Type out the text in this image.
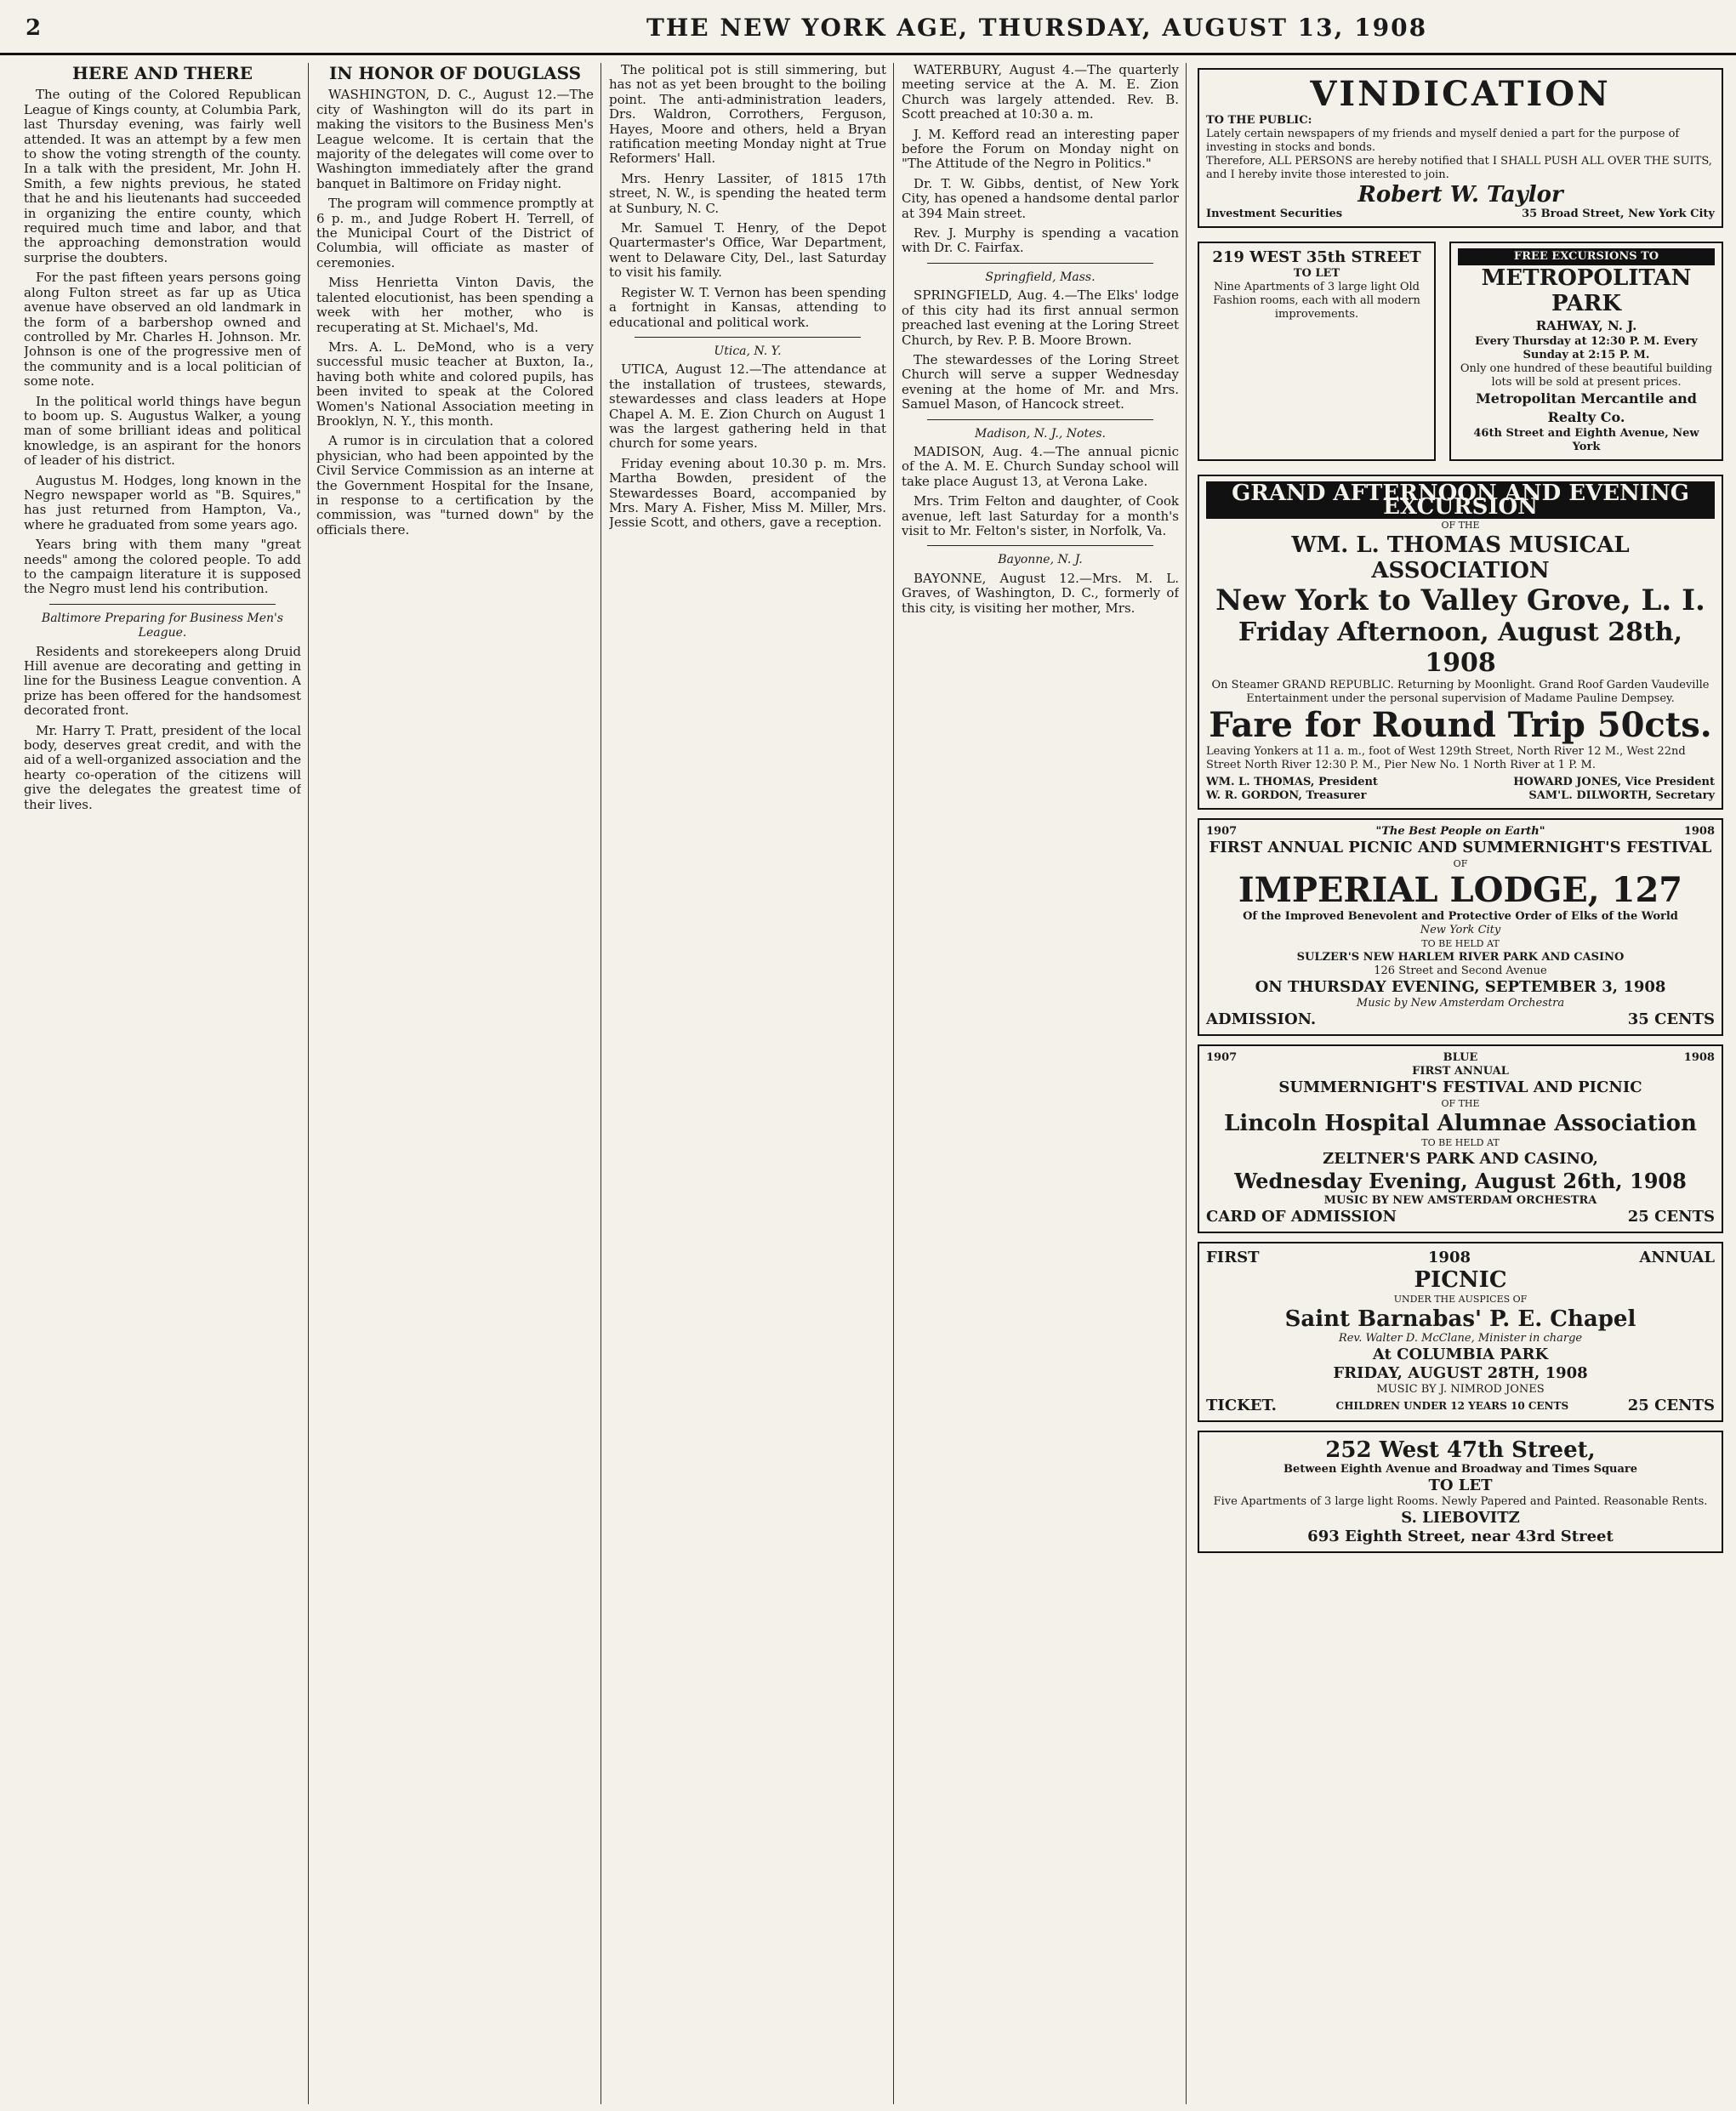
2	THE NEW YORK AGE, THURSDAY, AUGUST 13, 1908
HERE AND THERE

The outing of the Colored Republican League of Kings county, at Columbia Park, last Thursday evening, was fairly well attended. It was an attempt by a few men to show the voting strength of the county. In a talk with the president, Mr. John H. Smith, a few nights previous, he stated that he and his lieutenants had succeeded in organizing the entire county, which required much time and labor, and that the approaching demonstration would surprise the doubters.

For the past fifteen years persons going along Fulton street as far up as Utica avenue have observed an old landmark in the form of a barbershop owned and controlled by Mr. Charles H. Johnson. Mr. Johnson is one of the progressive men of the community and is a local politician of some note.

In the political world things have begun to boom up. S. Augustus Walker, a young man of some brilliant ideas and political knowledge, is an aspirant for the honors of leader of his district.

Augustus M. Hodges, long known in the Negro newspaper world as "B. Squires," has just returned from Hampton, Va., where he graduated from some years ago.

Years bring with them many "great needs" among the colored people. To add to the campaign literature it is supposed the Negro must lend his contribution.

Baltimore Preparing for Business Men's League.

Residents and storekeepers along Druid Hill avenue are decorating and getting in line for the Business League convention. A prize has been offered for the handsomest decorated front.

Mr. Harry T. Pratt, president of the local body, deserves great credit, and with the aid of a well-organized association and the hearty co-operation of the citizens will give the delegates the greatest time of their lives.

IN HONOR OF DOUGLASS

WASHINGTON, D. C., August 12.—The city of Washington will do its part in making the visitors to the Business Men's League welcome. It is certain that the majority of the delegates will come over to Washington immediately after the grand banquet in Baltimore on Friday night.

The program will commence promptly at 6 p. m., and Judge Robert H. Terrell, of the Municipal Court of the District of Columbia, will officiate as master of ceremonies.

Miss Henrietta Vinton Davis, the talented elocutionist, has been spending a week with her mother, who is recuperating at St. Michael's, Md.

Mrs. A. L. DeMond, who is a very successful music teacher at Buxton, Ia., having both white and colored pupils, has been invited to speak at the Colored Women's National Association meeting in Brooklyn, N. Y., this month.

A rumor is in circulation that a colored physician, who had been appointed by the Civil Service Commission as an interne at the Government Hospital for the Insane, in response to a certification by the commission, was "turned down" by the officials there.

The political pot is still simmering, but has not as yet been brought to the boiling point. The anti-administration leaders, Drs. Waldron, Corrothers, Ferguson, Hayes, Moore and others, held a Bryan ratification meeting Monday night at True Reformers' Hall.

Mrs. Henry Lassiter, of 1815 17th street, N. W., is spending the heated term at Sunbury, N. C.

Mr. Samuel T. Henry, of the Depot Quartermaster's Office, War Department, went to Delaware City, Del., last Saturday to visit his family.

Register W. T. Vernon has been spending a fortnight in Kansas, attending to educational and political work.

Utica, N. Y.

UTICA, August 12.—The attendance at the installation of trustees, stewards, stewardesses and class leaders at Hope Chapel A. M. E. Zion Church on August 1 was the largest gathering held in that church for some years.

Friday evening about 10.30 p. m. Mrs. Martha Bowden, president of the Stewardesses Board, accompanied by Mrs. Mary A. Fisher, Miss M. Miller, Mrs. Jessie Scott, and others, gave a reception.

WATERBURY, August 4.—The quarterly meeting service at the A. M. E. Zion Church was largely attended. Rev. B. Scott preached at 10:30 a. m.

J. M. Kefford read an interesting paper before the Forum on Monday night on "The Attitude of the Negro in Politics."

Dr. T. W. Gibbs, dentist, of New York City, has opened a handsome dental parlor at 394 Main street.

Rev. J. Murphy is spending a vacation with Dr. C. Fairfax.

Springfield, Mass.

SPRINGFIELD, Aug. 4.—The Elks' lodge of this city had its first annual sermon preached last evening at the Loring Street Church, by Rev. P. B. Moore Brown.

The stewardesses of the Loring Street Church will serve a supper Wednesday evening at the home of Mr. and Mrs. Samuel Mason, of Hancock street.

Madison, N. J., Notes.

MADISON, Aug. 4.—The annual picnic of the A. M. E. Church Sunday school will take place August 13, at Verona Lake.

Mrs. Trim Felton and daughter, of Cook avenue, left last Saturday for a month's visit to Mr. Felton's sister, in Norfolk, Va.

Bayonne, N. J.

BAYONNE, August 12.—Mrs. M. L. Graves, of Washington, D. C., formerly of this city, is visiting her mother, Mrs.

VINDICATION
TO THE PUBLIC:
Lately certain newspapers of my friends and myself denied a part for the purpose of investing in stocks and bonds.
Therefore, ALL PERSONS are hereby notified that I SHALL PUSH ALL OVER THE SUITS, and I hereby invite those interested to join.
Robert W. Taylor
Investment Securities	35 Broad Street, New York City
219 WEST 35th STREET
TO LET
Nine Apartments of 3 large light Old Fashion rooms, each with all modern improvements.
FREE EXCURSIONS TO
METROPOLITAN PARK
RAHWAY, N. J.
Every Thursday at 12:30 P. M. Every Sunday at 2:15 P. M.
Only one hundred of these beautiful building lots will be sold at present prices.
Metropolitan Mercantile and Realty Co.
46th Street and Eighth Avenue, New York
GRAND AFTERNOON AND EVENING EXCURSION
OF THE
WM. L. THOMAS MUSICAL ASSOCIATION
New York to Valley Grove, L. I.
Friday Afternoon, August 28th, 1908
On Steamer GRAND REPUBLIC. Returning by Moonlight. Grand Roof Garden Vaudeville Entertainment under the personal supervision of Madame Pauline Dempsey.
Fare for Round Trip 50cts.
Leaving Yonkers at 11 a. m., foot of West 129th Street, North River 12 M., West 22nd Street North River 12:30 P. M., Pier New No. 1 North River at 1 P. M.
WM. L. THOMAS, President	HOWARD JONES, Vice President
W. R. GORDON, Treasurer	SAM'L. DILWORTH, Secretary
1907	"The Best People on Earth"	1908
FIRST ANNUAL PICNIC AND SUMMERNIGHT'S FESTIVAL
OF
IMPERIAL LODGE, 127
Of the Improved Benevolent and Protective Order of Elks of the World
New York City
TO BE HELD AT
SULZER'S NEW HARLEM RIVER PARK AND CASINO
126 Street and Second Avenue
ON THURSDAY EVENING, SEPTEMBER 3, 1908
Music by New Amsterdam Orchestra
ADMISSION.	35 CENTS
1907	BLUE	1908
FIRST ANNUAL
SUMMERNIGHT'S FESTIVAL AND PICNIC
OF THE
Lincoln Hospital Alumnae Association
TO BE HELD AT
ZELTNER'S PARK AND CASINO,
Wednesday Evening, August 26th, 1908
MUSIC BY NEW AMSTERDAM ORCHESTRA
CARD OF ADMISSION	25 CENTS
FIRST	1908	ANNUAL
PICNIC
UNDER THE AUSPICES OF
Saint Barnabas' P. E. Chapel
Rev. Walter D. McClane, Minister in charge
At COLUMBIA PARK
FRIDAY, AUGUST 28TH, 1908
MUSIC BY J. NIMROD JONES
TICKET.	CHILDREN UNDER 12 YEARS 10 CENTS	25 CENTS
252 West 47th Street,
Between Eighth Avenue and Broadway and Times Square
TO LET
Five Apartments of 3 large light Rooms. Newly Papered and Painted. Reasonable Rents.
S. LIEBOVITZ
693 Eighth Street, near 43rd Street
